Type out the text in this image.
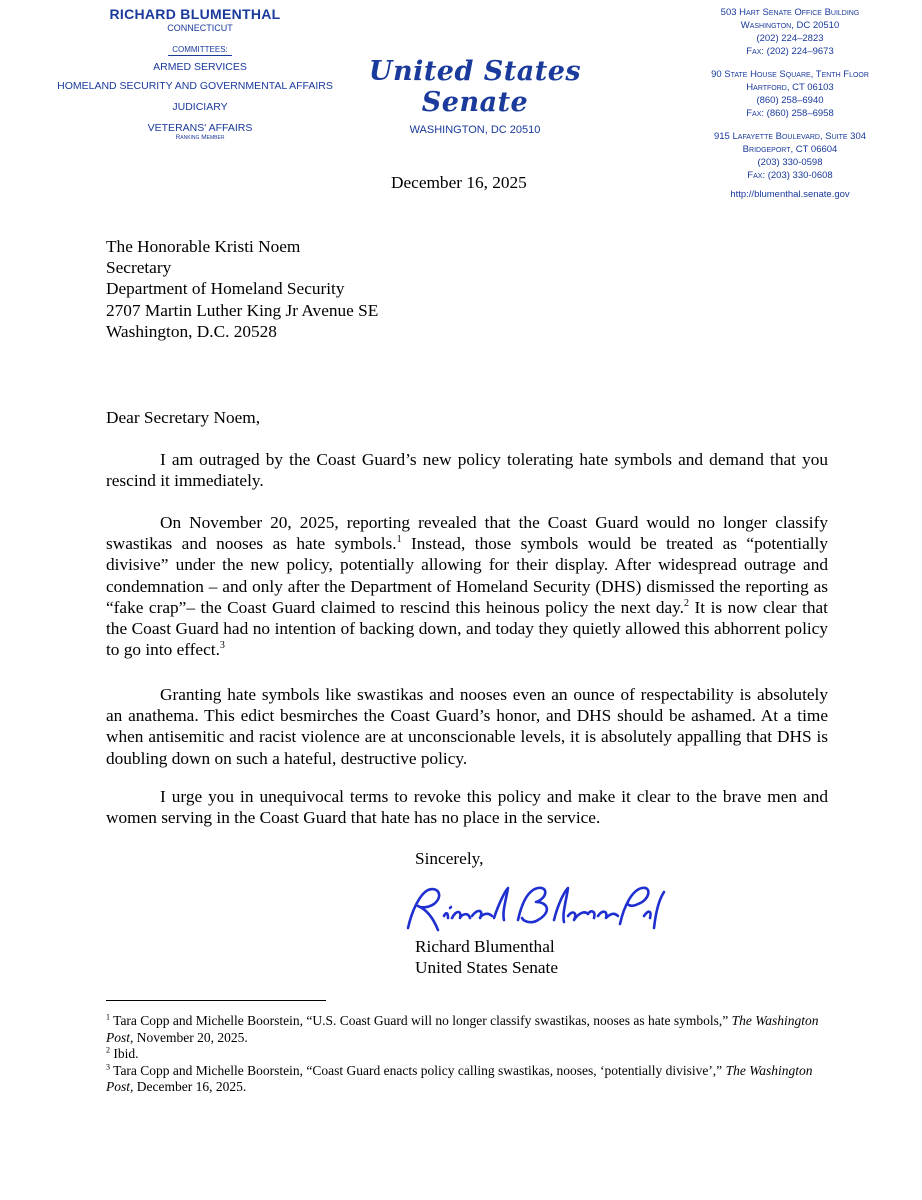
RICHARD BLUMENTHAL
CONNECTICUT
COMMITTEES:
ARMED SERVICES
HOMELAND SECURITY AND GOVERNMENTAL AFFAIRS
JUDICIARY
VETERANS' AFFAIRS
Ranking Member
United States Senate
WASHINGTON, DC 20510
503 Hart Senate Office Building
Washington, DC 20510
(202) 224–2823
Fax: (202) 224–9673
90 State House Square, Tenth Floor
Hartford, CT 06103
(860) 258–6940
Fax: (860) 258–6958
915 Lafayette Boulevard, Suite 304
Bridgeport, CT 06604
(203) 330-0598
Fax: (203) 330-0608
http://blumenthal.senate.gov
December 16, 2025
The Honorable Kristi Noem
Secretary
Department of Homeland Security
2707 Martin Luther King Jr Avenue SE
Washington, D.C. 20528
Dear Secretary Noem,
I am outraged by the Coast Guard’s new policy tolerating hate symbols and demand that you rescind it immediately.
On November 20, 2025, reporting revealed that the Coast Guard would no longer classify swastikas and nooses as hate symbols.$^1$ Instead, those symbols would be treated as “potentially divisive” under the new policy, potentially allowing for their display. After widespread outrage and condemnation – and only after the Department of Homeland Security (DHS) dismissed the reporting as “fake crap”– the Coast Guard claimed to rescind this heinous policy the next day.$^2$ It is now clear that the Coast Guard had no intention of backing down, and today they quietly allowed this abhorrent policy to go into effect.$^3$
Granting hate symbols like swastikas and nooses even an ounce of respectability is absolutely an anathema. This edict besmirches the Coast Guard’s honor, and DHS should be ashamed. At a time when antisemitic and racist violence are at unconscionable levels, it is absolutely appalling that DHS is doubling down on such a hateful, destructive policy.
I urge you in unequivocal terms to revoke this policy and make it clear to the brave men and women serving in the Coast Guard that hate has no place in the service.
Sincerely,
Richard Blumenthal Richard Blumenthal
United States Senate
$^1$ Tara Copp and Michelle Boorstein, “U.S. Coast Guard will no longer classify swastikas, nooses as hate symbols,” The Washington Post, November 20, 2025.
$^2$ Ibid.
$^3$ Tara Copp and Michelle Boorstein, “Coast Guard enacts policy calling swastikas, nooses, ‘potentially divisive’,” The Washington Post, December 16, 2025.
